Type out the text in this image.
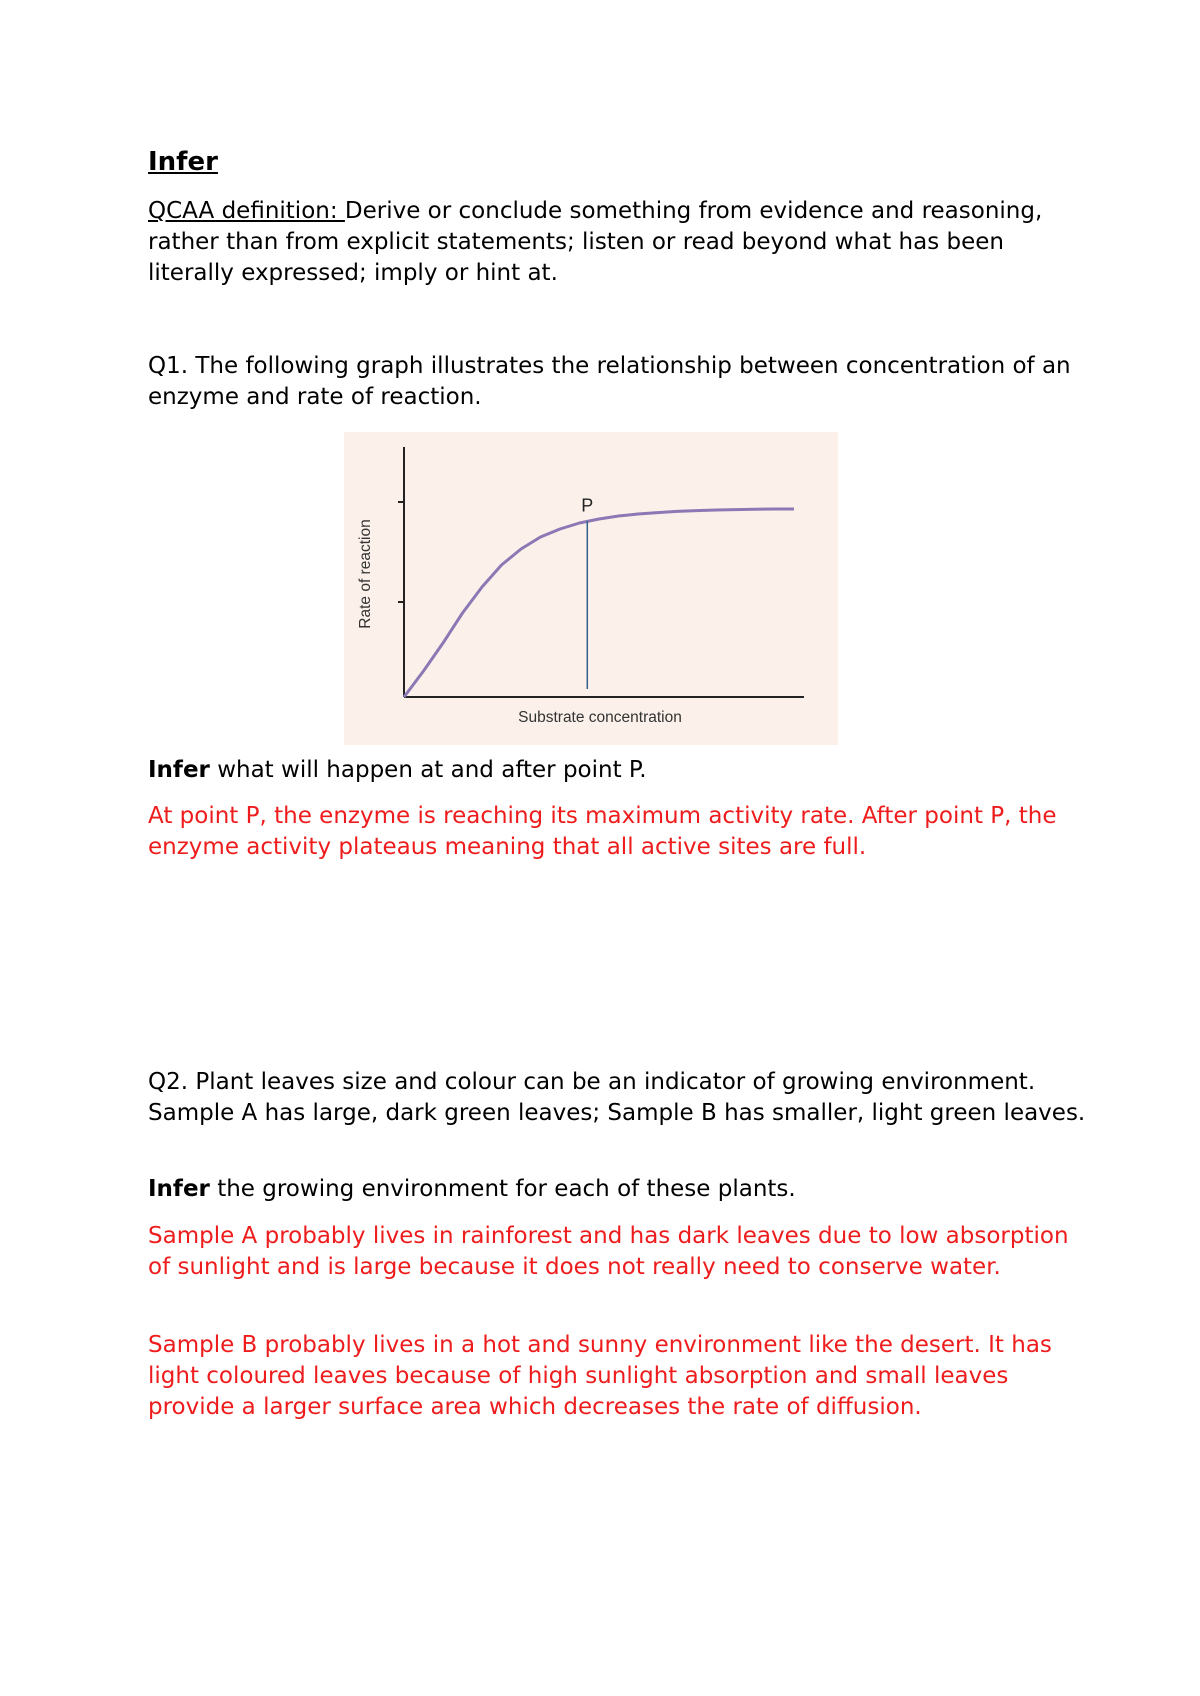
Infer

QCAA definition: Derive or conclude something from evidence and reasoning, rather than from explicit statements; listen or read beyond what has been literally expressed; imply or hint at.

Q1. The following graph illustrates the relationship between concentration of an enzyme and rate of reaction.

Substrate concentration
Rate of reaction
P

Infer what will happen at and after point P.

At point P, the enzyme is reaching its maximum activity rate. After point P, the enzyme activity plateaus meaning that all active sites are full.

Q2. Plant leaves size and colour can be an indicator of growing environment. Sample A has large, dark green leaves; Sample B has smaller, light green leaves.

Infer the growing environment for each of these plants.

Sample A probably lives in rainforest and has dark leaves due to low absorption of sunlight and is large because it does not really need to conserve water.

Sample B probably lives in a hot and sunny environment like the desert. It has light coloured leaves because of high sunlight absorption and small leaves provide a larger surface area which decreases the rate of diffusion.
